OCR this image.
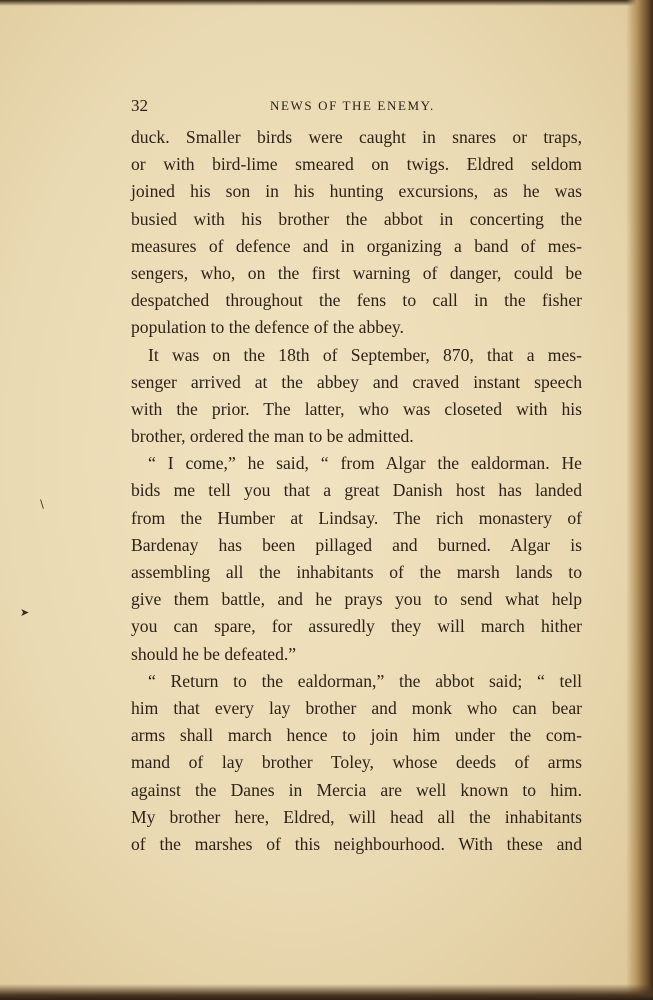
32	NEWS OF THE ENEMY.
∖
➤
duck. Smaller birds were caught in snares or traps,
or with bird-lime smeared on twigs. Eldred seldom
joined his son in his hunting excursions, as he was
busied with his brother the abbot in concerting the
measures of defence and in organizing a band of mes-
sengers, who, on the first warning of danger, could be
despatched throughout the fens to call in the fisher
population to the defence of the abbey.
It was on the 18th of September, 870, that a mes-
senger arrived at the abbey and craved instant speech
with the prior. The latter, who was closeted with his
brother, ordered the man to be admitted.
“ I come,” he said, “ from Algar the ealdorman. He
bids me tell you that a great Danish host has landed
from the Humber at Lindsay. The rich monastery of
Bardenay has been pillaged and burned. Algar is
assembling all the inhabitants of the marsh lands to
give them battle, and he prays you to send what help
you can spare, for assuredly they will march hither
should he be defeated.”
“ Return to the ealdorman,” the abbot said; “ tell
him that every lay brother and monk who can bear
arms shall march hence to join him under the com-
mand of lay brother Toley, whose deeds of arms
against the Danes in Mercia are well known to him.
My brother here, Eldred, will head all the inhabitants
of the marshes of this neighbourhood. With these and
